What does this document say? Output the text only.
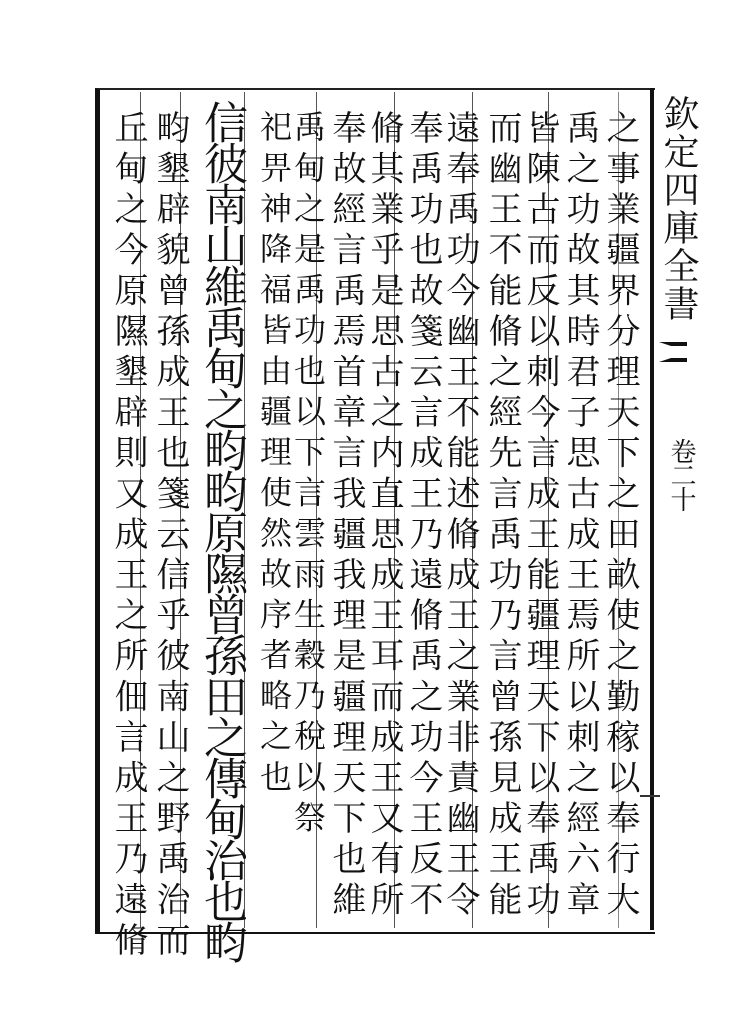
欽定四庫全書
卷二十
之事業疆界分理天下之田畝使之勤稼以奉行大
禹之功故其時君子思古成王焉所以刺之經六章
皆陳古而反以刺今言成王能疆理天下以奉禹功
而幽王不能脩之經先言禹功乃言曾孫見成王能
遠奉禹功今幽王不能述脩成王之業非責幽王令
奉禹功也故箋云言成王乃遠脩禹之功今王反不
脩其業乎是思古之内直思成王耳而成王又有所
奉故經言禹焉首章言我疆我理是疆理天下也維
禹甸之是禹功也以下言雲雨生穀乃稅以祭
祀畀神降福皆由疆理使然故序者略之也
信彼南山維禹甸之畇畇原隰曾孫田之傳甸治也畇
畇墾辟貌曾孫成王也箋云信乎彼南山之野禹治而
丘甸之今原隰墾辟則又成王之所佃言成王乃遠脩
